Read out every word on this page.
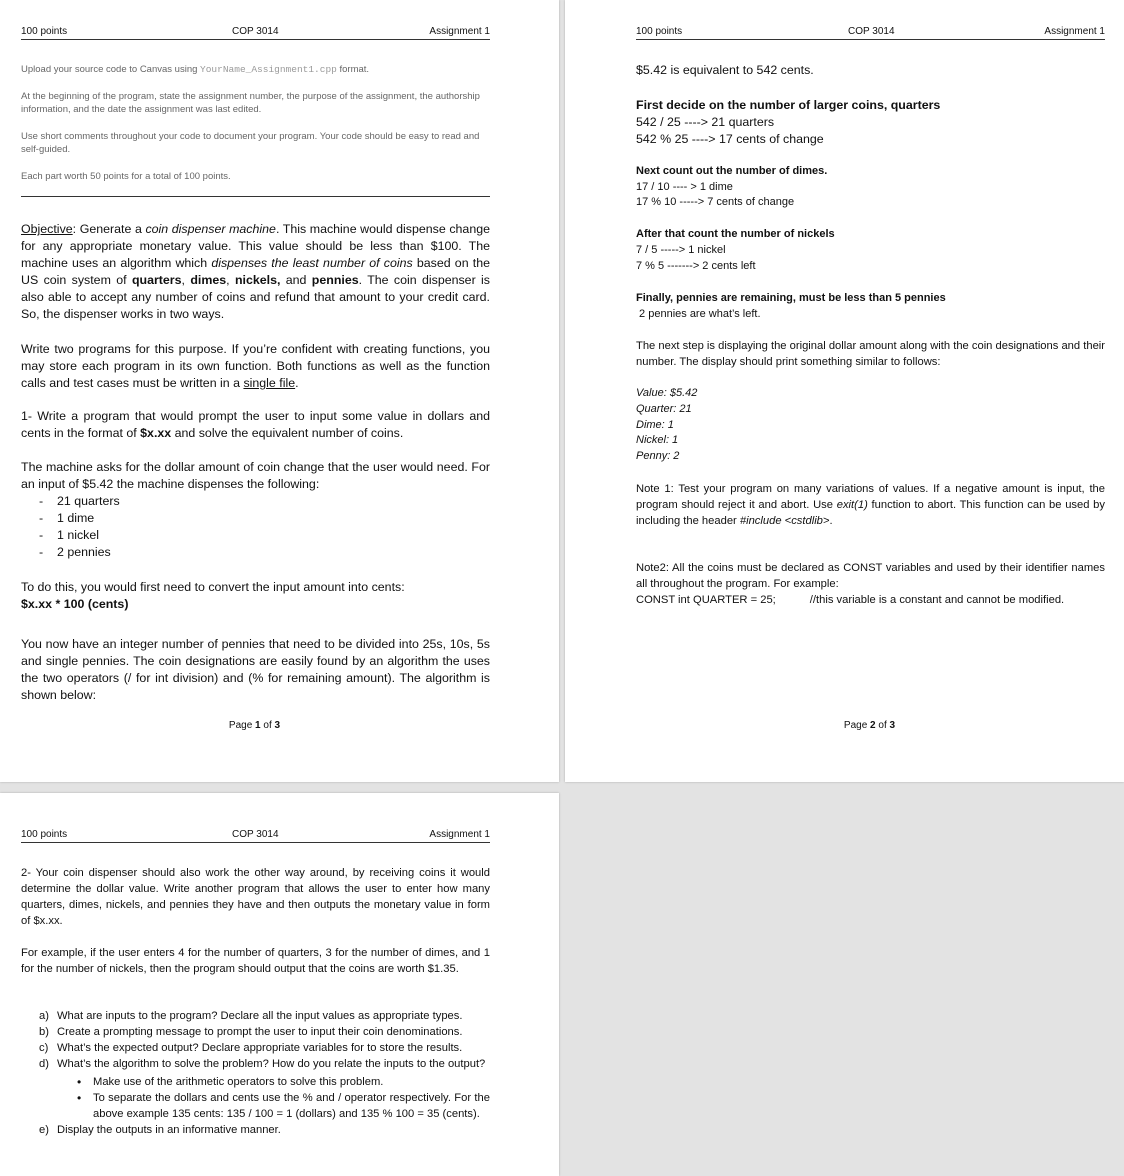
100 points	COP 3014	Assignment 1
Upload your source code to Canvas using YourName_Assignment1.cpp format.
At the beginning of the program, state the assignment number, the purpose of the assignment, the authorship information, and the date the assignment was last edited.
Use short comments throughout your code to document your program. Your code should be easy to read and self-guided.
Each part worth 50 points for a total of 100 points.
Objective: Generate a coin dispenser machine. This machine would dispense change for any appropriate monetary value. This value should be less than $100. The machine uses an algorithm which dispenses the least number of coins based on the US coin system of quarters, dimes, nickels, and pennies. The coin dispenser is also able to accept any number of coins and refund that amount to your credit card. So, the dispenser works in two ways.
Write two programs for this purpose. If you’re confident with creating functions, you may store each program in its own function. Both functions as well as the function calls and test cases must be written in a single file.
1- Write a program that would prompt the user to input some value in dollars and cents in the format of $x.xx and solve the equivalent number of coins.
The machine asks for the dollar amount of coin change that the user would need. For an input of $5.42 the machine dispenses the following:
- 21 quarters
- 1 dime
- 1 nickel
- 2 pennies
To do this, you would first need to convert the input amount into cents:
$x.xx * 100 (cents)
You now have an integer number of pennies that need to be divided into 25s, 10s, 5s and single pennies. The coin designations are easily found by an algorithm the uses the two operators (/ for int division) and (% for remaining amount). The algorithm is shown below:
Page 1 of 3
100 points	COP 3014	Assignment 1
$5.42 is equivalent to 542 cents.
First decide on the number of larger coins, quarters
542 / 25 ----> 21 quarters
542 % 25 ----> 17 cents of change
Next count out the number of dimes.
17 / 10 ---- > 1 dime
17 % 10 -----> 7 cents of change
After that count the number of nickels
7 / 5 -----> 1 nickel
7 % 5 -------> 2 cents left
Finally, pennies are remaining, must be less than 5 pennies
2 pennies are what’s left.
The next step is displaying the original dollar amount along with the coin designations and their number. The display should print something similar to follows:
Value: $5.42
Quarter: 21
Dime: 1
Nickel: 1
Penny: 2
Note 1: Test your program on many variations of values. If a negative amount is input, the program should reject it and abort. Use exit(1) function to abort. This function can be used by including the header #include <cstdlib>.
Note2: All the coins must be declared as CONST variables and used by their identifier names all throughout the program. For example:
CONST int QUARTER = 25;	//this variable is a constant and cannot be modified.
Page 2 of 3
100 points	COP 3014	Assignment 1
2- Your coin dispenser should also work the other way around, by receiving coins it would determine the dollar value. Write another program that allows the user to enter how many quarters, dimes, nickels, and pennies they have and then outputs the monetary value in form of $x.xx.
For example, if the user enters 4 for the number of quarters, 3 for the number of dimes, and 1 for the number of nickels, then the program should output that the coins are worth $1.35.
a) What are inputs to the program? Declare all the input values as appropriate types.
b) Create a prompting message to prompt the user to input their coin denominations.
c) What’s the expected output? Declare appropriate variables for to store the results.
d) What’s the algorithm to solve the problem? How do you relate the inputs to the output?
• Make use of the arithmetic operators to solve this problem.
• To separate the dollars and cents use the % and / operator respectively. For the above example 135 cents: 135 / 100 = 1 (dollars) and 135 % 100 = 35 (cents).
e) Display the outputs in an informative manner.
